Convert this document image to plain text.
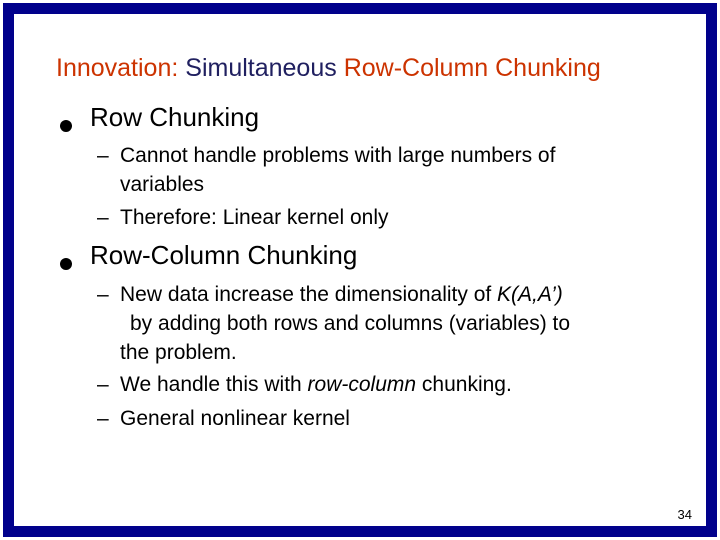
Innovation: Simultaneous Row-Column Chunking
Row Chunking
– Cannot handle problems with large numbers of
variables
– Therefore: Linear kernel only
Row-Column Chunking
– New data increase the dimensionality of K(A,A’)
by adding both rows and columns (variables) to
the problem.
– We handle this with row-column chunking.
– General nonlinear kernel
34
